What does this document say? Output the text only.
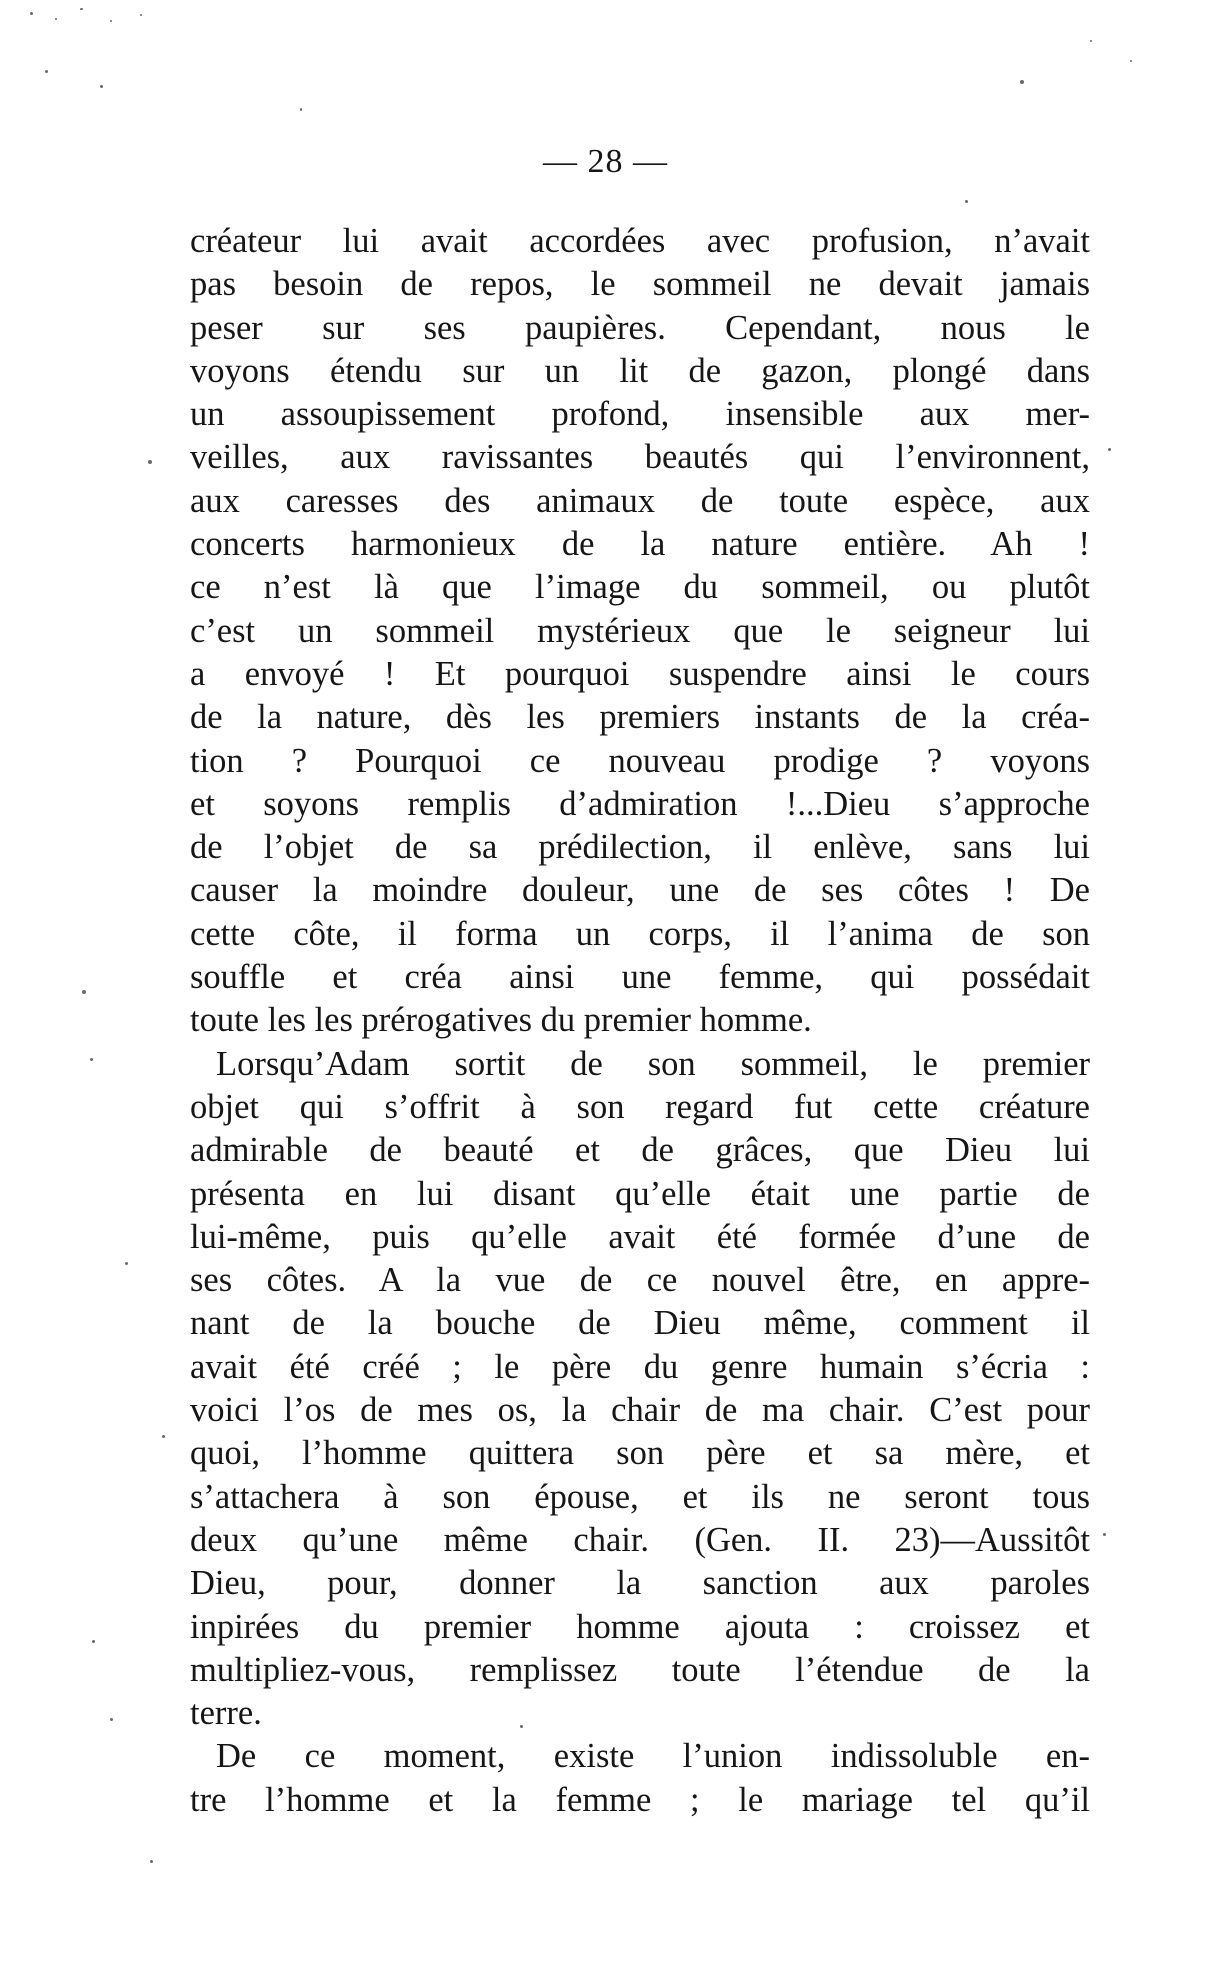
— 28 —
créateur lui avait accordées avec profusion, n’avait
pas besoin de repos, le sommeil ne devait jamais
peser sur ses paupières. Cependant, nous le
voyons étendu sur un lit de gazon, plongé dans
un assoupissement profond, insensible aux mer-
veilles, aux ravissantes beautés qui l’environnent,
aux caresses des animaux de toute espèce, aux
concerts harmonieux de la nature entière. Ah !
ce n’est là que l’image du sommeil, ou plutôt
c’est un sommeil mystérieux que le seigneur lui
a envoyé ! Et pourquoi suspendre ainsi le cours
de la nature, dès les premiers instants de la créa-
tion ? Pourquoi ce nouveau prodige ? voyons
et soyons remplis d’admiration !...Dieu s’approche
de l’objet de sa prédilection, il enlève, sans lui
causer la moindre douleur, une de ses côtes ! De
cette côte, il forma un corps, il l’anima de son
souffle et créa ainsi une femme, qui possédait
toute les les prérogatives du premier homme.
Lorsqu’Adam sortit de son sommeil, le premier
objet qui s’offrit à son regard fut cette créature
admirable de beauté et de grâces, que Dieu lui
présenta en lui disant qu’elle était une partie de
lui-même, puis qu’elle avait été formée d’une de
ses côtes. A la vue de ce nouvel être, en appre-
nant de la bouche de Dieu même, comment il
avait été créé ; le père du genre humain s’écria :
voici l’os de mes os, la chair de ma chair. C’est pour
quoi, l’homme quittera son père et sa mère, et
s’attachera à son épouse, et ils ne seront tous
deux qu’une même chair. (Gen. II. 23)—Aussitôt
Dieu, pour, donner la sanction aux paroles
inpirées du premier homme ajouta : croissez et
multipliez-vous, remplissez toute l’étendue de la
terre.
De ce moment, existe l’union indissoluble en-
tre l’homme et la femme ; le mariage tel qu’il
